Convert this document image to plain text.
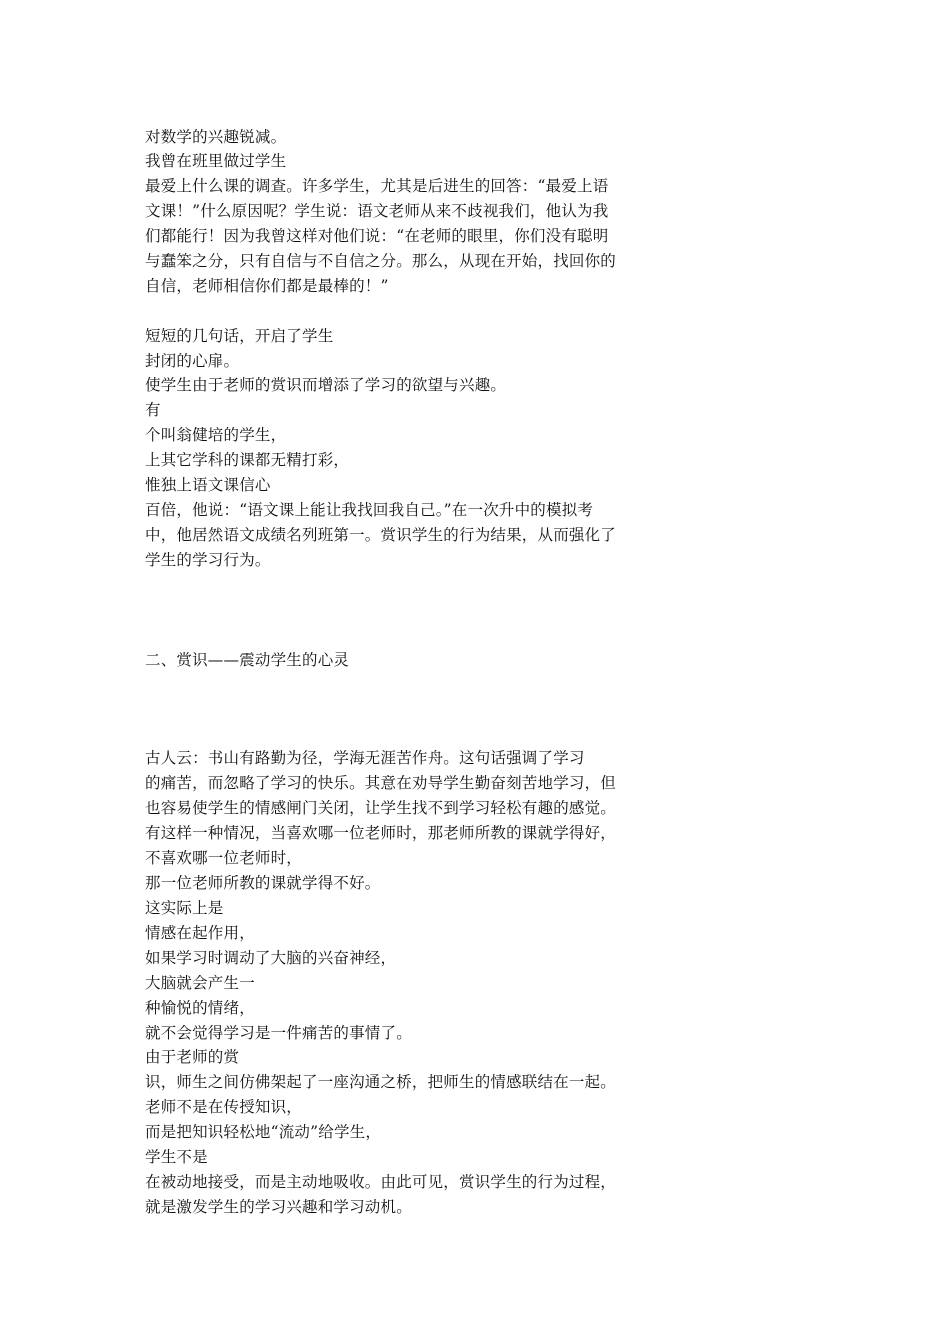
对数学的兴趣锐减。
我曾在班里做过学生
最爱上什么课的调查。许多学生，尤其是后进生的回答：“最爱上语
文课！”什么原因呢？学生说：语文老师从来不歧视我们，他认为我
们都能行！因为我曾这样对他们说：“在老师的眼里，你们没有聪明
与蠢笨之分，只有自信与不自信之分。那么，从现在开始，找回你的
自信，老师相信你们都是最棒的！”
短短的几句话，开启了学生
封闭的心扉。
使学生由于老师的赏识而增添了学习的欲望与兴趣。
有
个叫翁健培的学生，
上其它学科的课都无精打彩，
惟独上语文课信心
百倍，他说：“语文课上能让我找回我自己。”在一次升中的模拟考
中，他居然语文成绩名列班第一。赏识学生的行为结果，从而强化了
学生的学习行为。
二、赏识——震动学生的心灵
古人云：书山有路勤为径，学海无涯苦作舟。这句话强调了学习
的痛苦，而忽略了学习的快乐。其意在劝导学生勤奋刻苦地学习，但
也容易使学生的情感闸门关闭，让学生找不到学习轻松有趣的感觉。
有这样一种情况，当喜欢哪一位老师时，那老师所教的课就学得好，
不喜欢哪一位老师时，
那一位老师所教的课就学得不好。
这实际上是
情感在起作用，
如果学习时调动了大脑的兴奋神经，
大脑就会产生一
种愉悦的情绪，
就不会觉得学习是一件痛苦的事情了。
由于老师的赏
识，师生之间仿佛架起了一座沟通之桥，把师生的情感联结在一起。
老师不是在传授知识，
而是把知识轻松地“流动”给学生，
学生不是
在被动地接受，而是主动地吸收。由此可见，赏识学生的行为过程，
就是激发学生的学习兴趣和学习动机。
